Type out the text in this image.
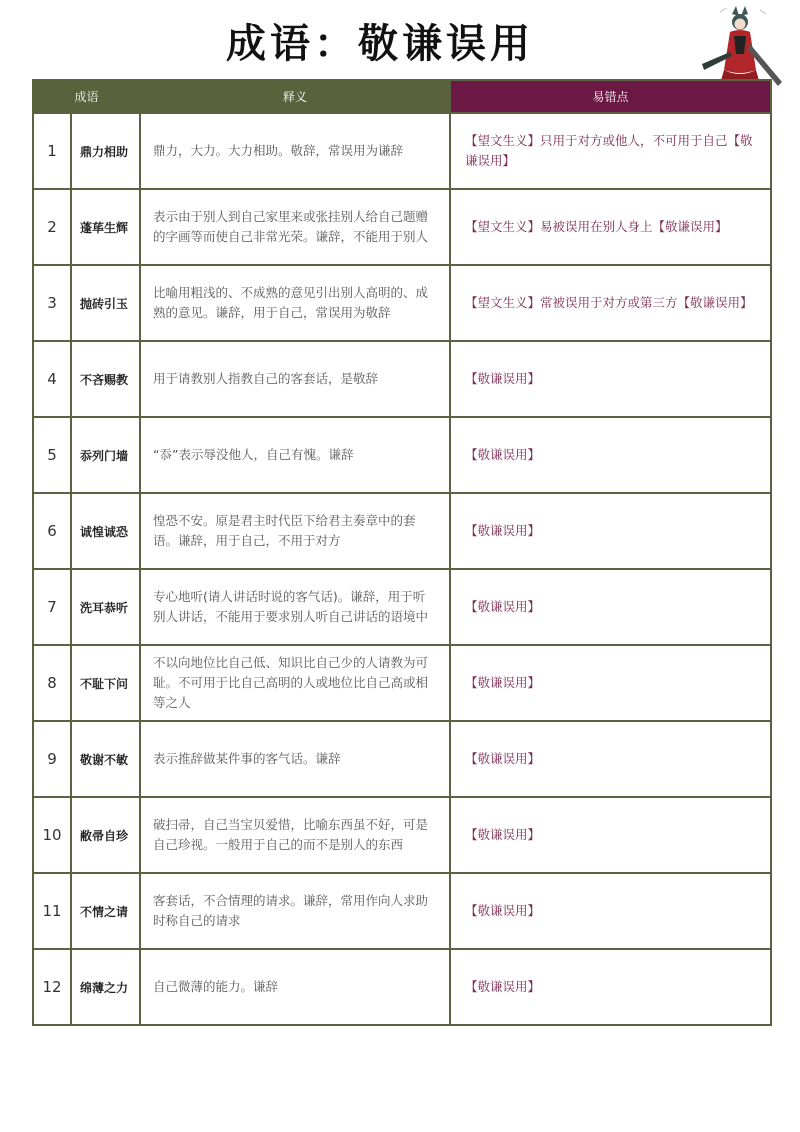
成语：敬谦误用
成语		释义	易错点
1	鼎力相助	鼎力，大力。大力相助。敬辞，常误用为谦辞	【望文生义】只用于对方或他人，不可用于自己【敬谦误用】
2	蓬荜生辉	表示由于别人到自己家里来或张挂别人给自己题赠的字画等而使自己非常光荣。谦辞，不能用于别人	【望文生义】易被误用在别人身上【敬谦误用】
3	抛砖引玉	比喻用粗浅的、不成熟的意见引出别人高明的、成熟的意见。谦辞，用于自己，常误用为敬辞	【望文生义】常被误用于对方或第三方【敬谦误用】
4	不吝赐教	用于请教别人指教自己的客套话，是敬辞	【敬谦误用】
5	忝列门墙	“忝”表示辱没他人，自己有愧。谦辞	【敬谦误用】
6	诚惶诚恐	惶恐不安。原是君主时代臣下给君主奏章中的套语。谦辞，用于自己，不用于对方	【敬谦误用】
7	洗耳恭听	专心地听(请人讲话时说的客气话)。谦辞，用于听别人讲话，不能用于要求别人听自己讲话的语境中	【敬谦误用】
8	不耻下问	不以向地位比自己低、知识比自己少的人请教为可耻。不可用于比自己高明的人或地位比自己高或相等之人	【敬谦误用】
9	敬谢不敏	表示推辞做某件事的客气话。谦辞	【敬谦误用】
10	敝帚自珍	破扫帚，自己当宝贝爱惜，比喻东西虽不好，可是自己珍视。一般用于自己的而不是别人的东西	【敬谦误用】
11	不情之请	客套话，不合情理的请求。谦辞，常用作向人求助时称自己的请求	【敬谦误用】
12	绵薄之力	自己微薄的能力。谦辞	【敬谦误用】
